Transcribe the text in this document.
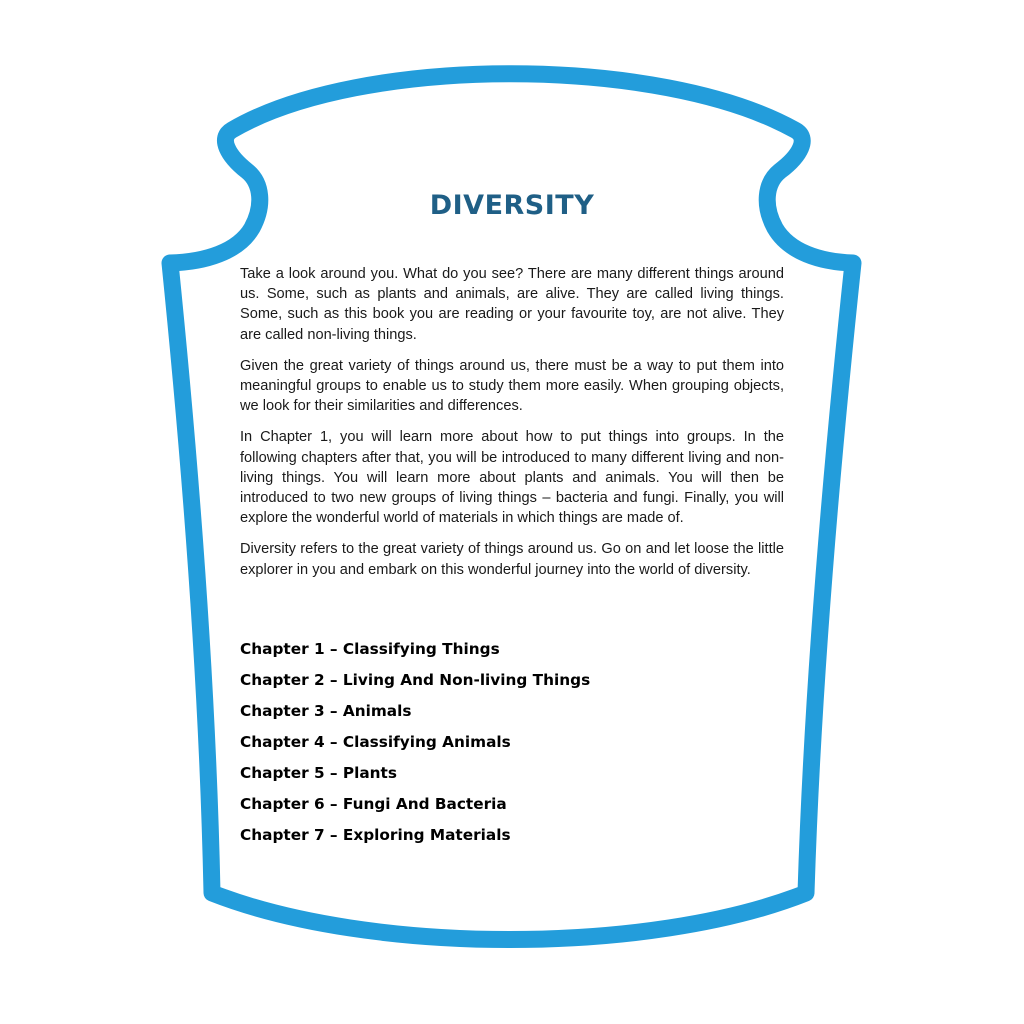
DIVERSITY

Take a look around you. What do you see? There are many different things around us. Some, such as plants and animals, are alive. They are called living things. Some, such as this book you are reading or your favourite toy, are not alive. They are called non-living things.

Given the great variety of things around us, there must be a way to put them into meaningful groups to enable us to study them more easily. When grouping objects, we look for their similarities and differences.

In Chapter 1, you will learn more about how to put things into groups. In the following chapters after that, you will be introduced to many different living and non-living things. You will learn more about plants and animals. You will then be introduced to two new groups of living things – bacteria and fungi. Finally, you will explore the wonderful world of materials in which things are made of.

Diversity refers to the great variety of things around us. Go on and let loose the little explorer in you and embark on this wonderful journey into the world of diversity.

Chapter 1 – Classifying Things
Chapter 2 – Living And Non-living Things
Chapter 3 – Animals
Chapter 4 – Classifying Animals
Chapter 5 – Plants
Chapter 6 – Fungi And Bacteria
Chapter 7 – Exploring Materials
